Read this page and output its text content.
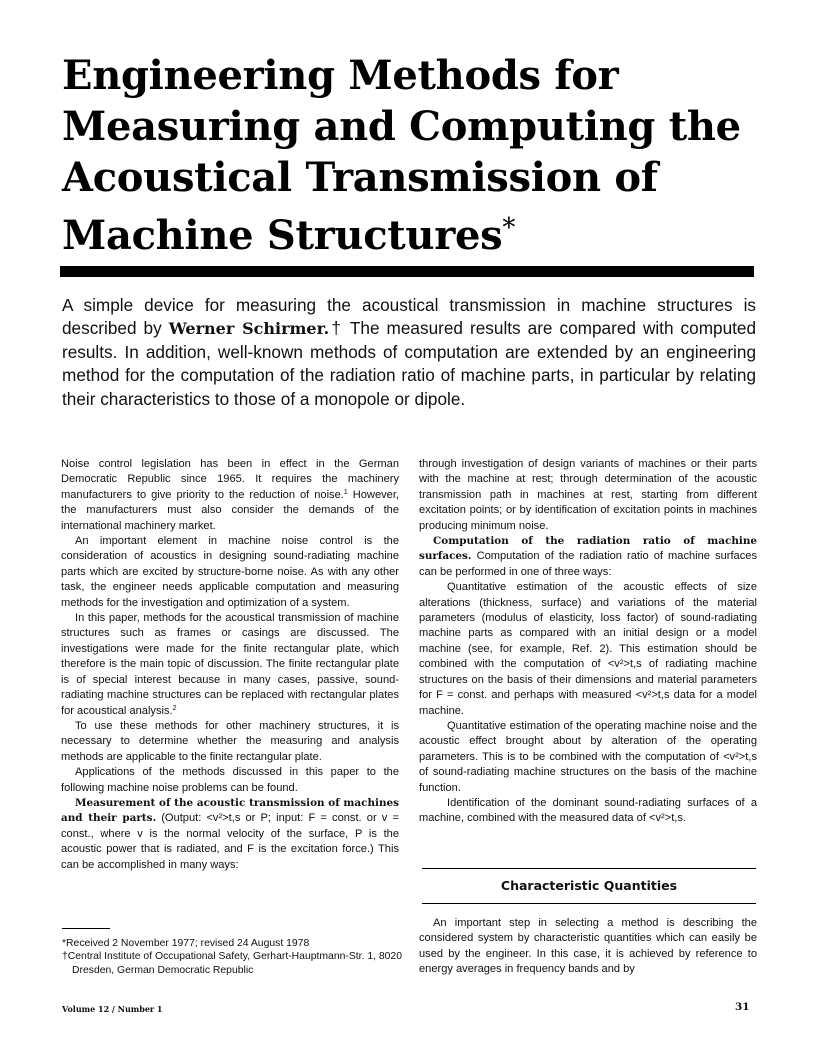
Engineering Methods for
Measuring and Computing the
Acoustical Transmission of
Machine Structures*

A simple device for measuring the acoustical transmission in machine structures is described by Werner Schirmer.† The measured results are compared with computed results. In addition, well-known methods of computation are extended by an engineering method for the computation of the radiation ratio of machine parts, in particular by relating their characteristics to those of a monopole or dipole.

Noise control legislation has been in effect in the German Democratic Republic since 1965. It requires the machinery manufacturers to give priority to the reduction of noise.$^1$ However, the manufacturers must also consider the demands of the international machinery market.

An important element in machine noise control is the consideration of acoustics in designing sound-radiating machine parts which are excited by structure-borne noise. As with any other task, the engineer needs applicable computation and measuring methods for the investigation and optimization of a system.

In this paper, methods for the acoustical transmission of machine structures such as frames or casings are discussed. The investigations were made for the finite rectangular plate, which therefore is the main topic of discussion. The finite rectangular plate is of special interest because in many cases, passive, sound-radiating machine structures can be replaced with rectangular plates for acoustical analysis.$^2$

To use these methods for other machinery structures, it is necessary to determine whether the measuring and analysis methods are applicable to the finite rectangular plate.

Applications of the methods discussed in this paper to the following machine noise problems can be found.

Measurement of the acoustic transmission of machines and their parts. (Output: <v²>t,s or P; input: F = const. or v = const., where v is the normal velocity of the surface, P is the acoustic power that is radiated, and F is the excitation force.) This can be accomplished in many ways:

through investigation of design variants of machines or their parts with the machine at rest; through determination of the acoustic transmission path in machines at rest, starting from different excitation points; or by identification of excitation points in machines producing minimum noise.

Computation of the radiation ratio of machine surfaces. Computation of the radiation ratio of machine surfaces can be performed in one of three ways:

Quantitative estimation of the acoustic effects of size alterations (thickness, surface) and variations of the material parameters (modulus of elasticity, loss factor) of sound-radiating machine parts as compared with an initial design or a model machine (see, for example, Ref. 2). This estimation should be combined with the computation of <v²>t,s of radiating machine structures on the basis of their dimensions and material parameters for F = const. and perhaps with measured <v²>t,s data for a model machine.

Quantitative estimation of the operating machine noise and the acoustic effect brought about by alteration of the operating parameters. This is to be combined with the computation of <v²>t,s of sound-radiating machine structures on the basis of the machine function.

Identification of the dominant sound-radiating surfaces of a machine, combined with the measured data of <v²>t,s.

Characteristic Quantities

An important step in selecting a method is describing the considered system by characteristic quantities which can easily be used by the engineer. In this case, it is achieved by reference to energy averages in frequency bands and by

*Received 2 November 1977; revised 24 August 1978

†Central Institute of Occupational Safety, Gerhart-Hauptmann-Str. 1, 8020 Dresden, German Democratic Republic

Volume 12 / Number 1	31
